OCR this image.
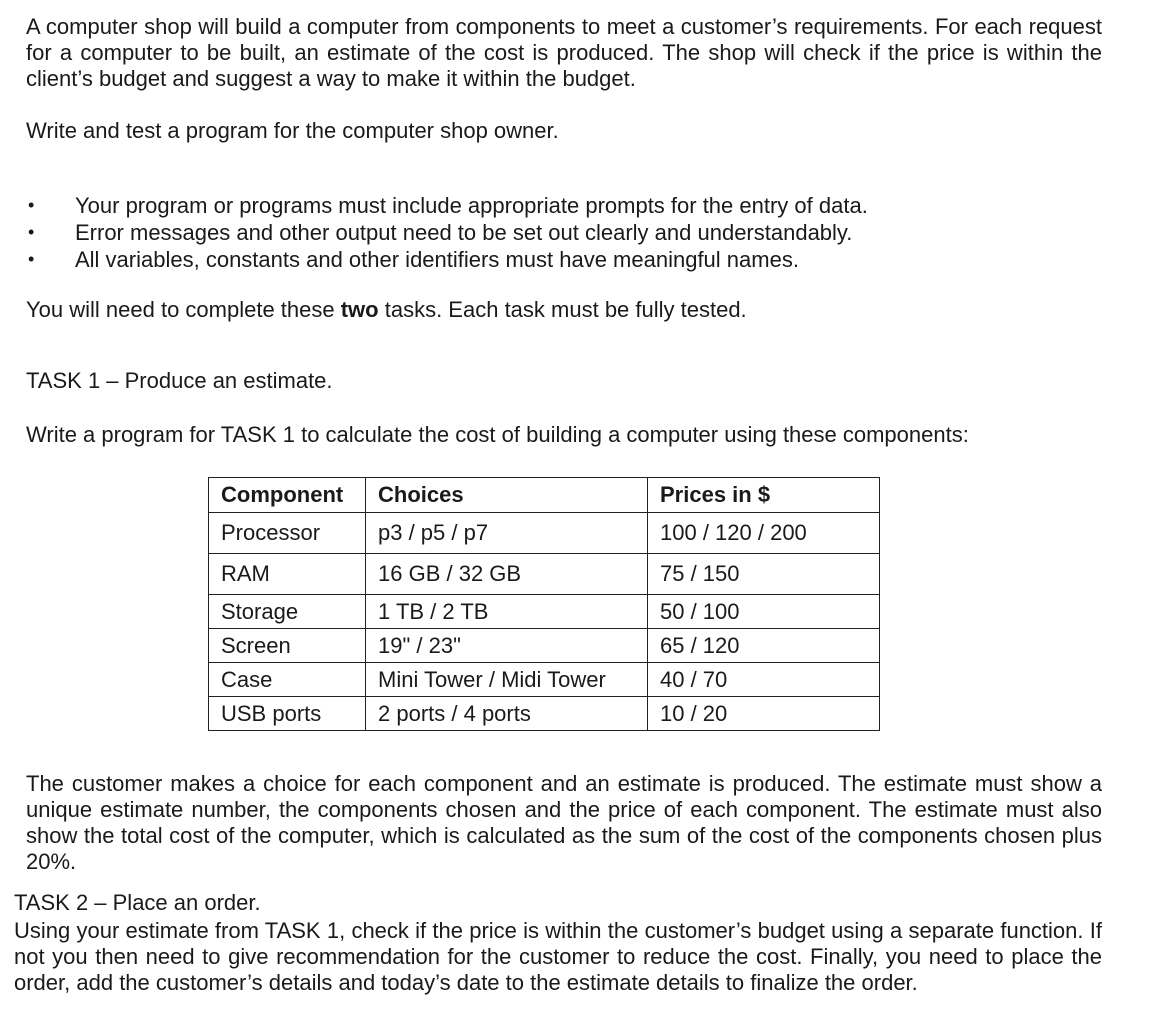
A computer shop will build a computer from components to meet a customer’s requirements. For each request for a computer to be built, an estimate of the cost is produced. The shop will check if the price is within the client’s budget and suggest a way to make it within the budget.

Write and test a program for the computer shop owner.

• Your program or programs must include appropriate prompts for the entry of data.
• Error messages and other output need to be set out clearly and understandably.
• All variables, constants and other identifiers must have meaningful names.

You will need to complete these two tasks. Each task must be fully tested.

TASK 1 – Produce an estimate.

Write a program for TASK 1 to calculate the cost of building a computer using these components:

Component	Choices	Prices in $
Processor	p3 / p5 / p7	100 / 120 / 200
RAM	16 GB / 32 GB	75 / 150
Storage	1 TB / 2 TB	50 / 100
Screen	19" / 23"	65 / 120
Case	Mini Tower / Midi Tower	40 / 70
USB ports	2 ports / 4 ports	10 / 20

The customer makes a choice for each component and an estimate is produced. The estimate must show a unique estimate number, the components chosen and the price of each component. The estimate must also show the total cost of the computer, which is calculated as the sum of the cost of the components chosen plus 20%.

TASK 2 – Place an order.

Using your estimate from TASK 1, check if the price is within the customer’s budget using a separate function. If not you then need to give recommendation for the customer to reduce the cost. Finally, you need to place the order, add the customer’s details and today’s date to the estimate details to finalize the order.
